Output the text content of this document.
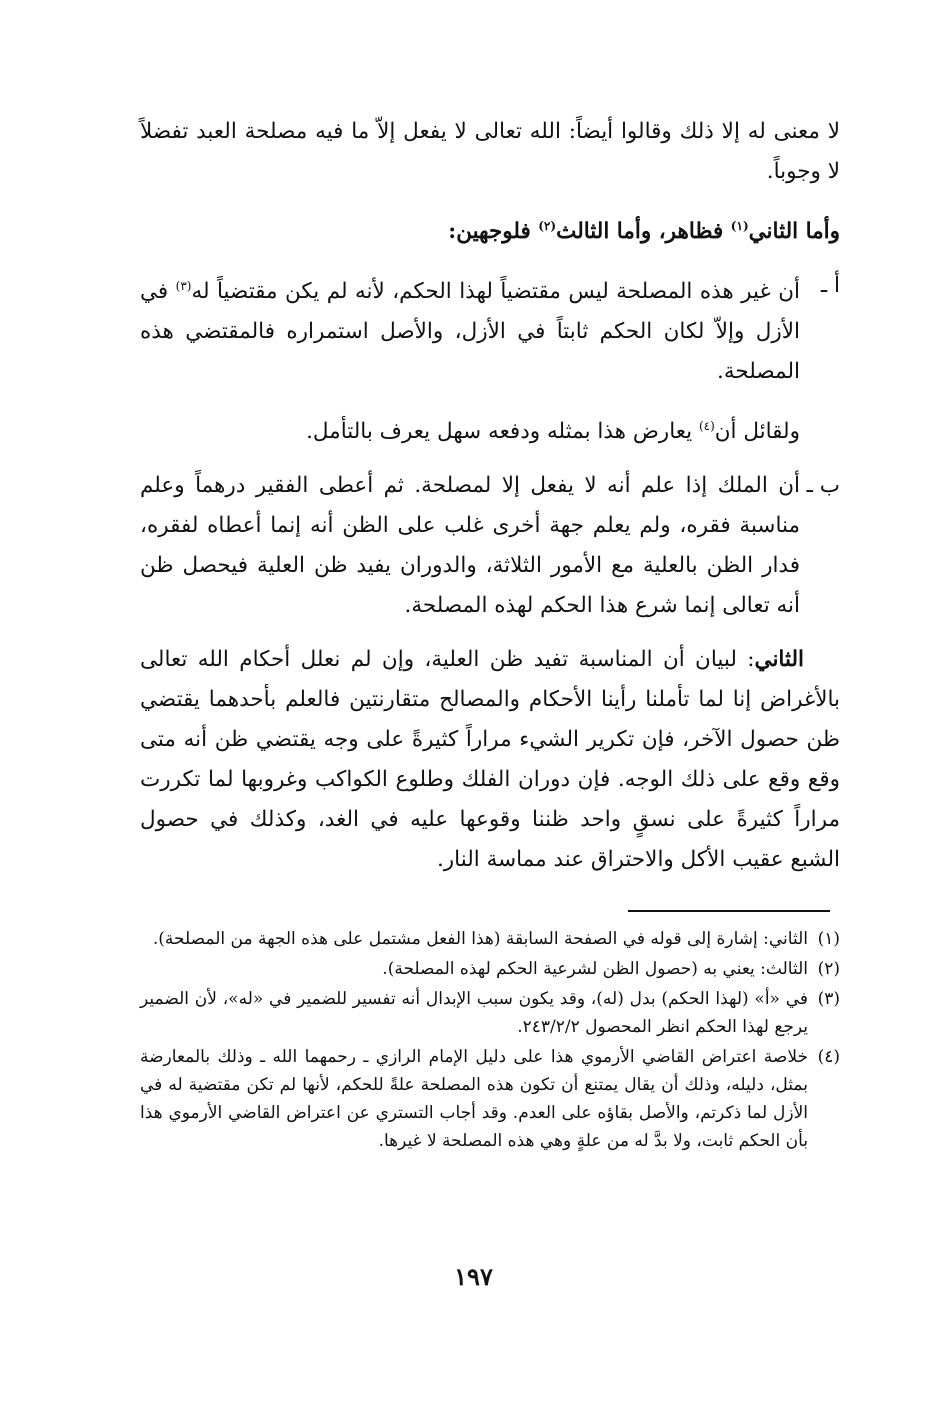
لا معنى له إلا ذلك وقالوا أيضاً: الله تعالى لا يفعل إلاّ ما فيه مصلحة العبد تفضلاً لا وجوباً.

وأما الثاني$^{(١)}$ فظاهر، وأما الثالث$^{(٢)}$ فلوجهين:

أ ـ
أن غير هذه المصلحة ليس مقتضياً لهذا الحكم، لأنه لم يكن مقتضياً له$^{(٣)}$ في الأزل وإلاّ لكان الحكم ثابتاً في الأزل، والأصل استمراره فالمقتضي هذه المصلحة.

ولقائل أن$^{(٤)}$ يعارض هذا بمثله ودفعه سهل يعرف بالتأمل.

ب ـ
أن الملك إذا علم أنه لا يفعل إلا لمصلحة. ثم أعطى الفقير درهماً وعلم مناسبة فقره، ولم يعلم جهة أخرى غلب على الظن أنه إنما أعطاه لفقره، فدار الظن بالعلية مع الأمور الثلاثة، والدوران يفيد ظن العلية فيحصل ظن أنه تعالى إنما شرع هذا الحكم لهذه المصلحة.

الثاني: لبيان أن المناسبة تفيد ظن العلية، وإن لم نعلل أحكام الله تعالى بالأغراض إنا لما تأملنا رأينا الأحكام والمصالح متقارنتين فالعلم بأحدهما يقتضي ظن حصول الآخر، فإن تكرير الشيء مراراً كثيرةً على وجه يقتضي ظن أنه متى وقع وقع على ذلك الوجه. فإن دوران الفلك وطلوع الكواكب وغروبها لما تكررت مراراً كثيرةً على نسقٍ واحد ظننا وقوعها عليه في الغد، وكذلك في حصول الشبع عقيب الأكل والاحتراق عند مماسة النار.

(١)
الثاني: إشارة إلى قوله في الصفحة السابقة (هذا الفعل مشتمل على هذه الجهة من المصلحة).
(٢)
الثالث: يعني به (حصول الظن لشرعية الحكم لهذه المصلحة).
(٣)
في «أ» (لهذا الحكم) بدل (له)، وقد يكون سبب الإبدال أنه تفسير للضمير في «له»، لأن الضمير يرجع لهذا الحكم انظر المحصول ٢٤٣/٢/٢.
(٤)
خلاصة اعتراض القاضي الأرموي هذا على دليل الإمام الرازي ـ رحمهما الله ـ وذلك بالمعارضة بمثل، دليله، وذلك أن يقال يمتنع أن تكون هذه المصلحة علةً للحكم، لأنها لم تكن مقتضية له في الأزل لما ذكرتم، والأصل بقاؤه على العدم. وقد أجاب التستري عن اعتراض القاضي الأرموي هذا بأن الحكم ثابت، ولا بدَّ له من علةٍ وهي هذه المصلحة لا غيرها.
١٩٧
